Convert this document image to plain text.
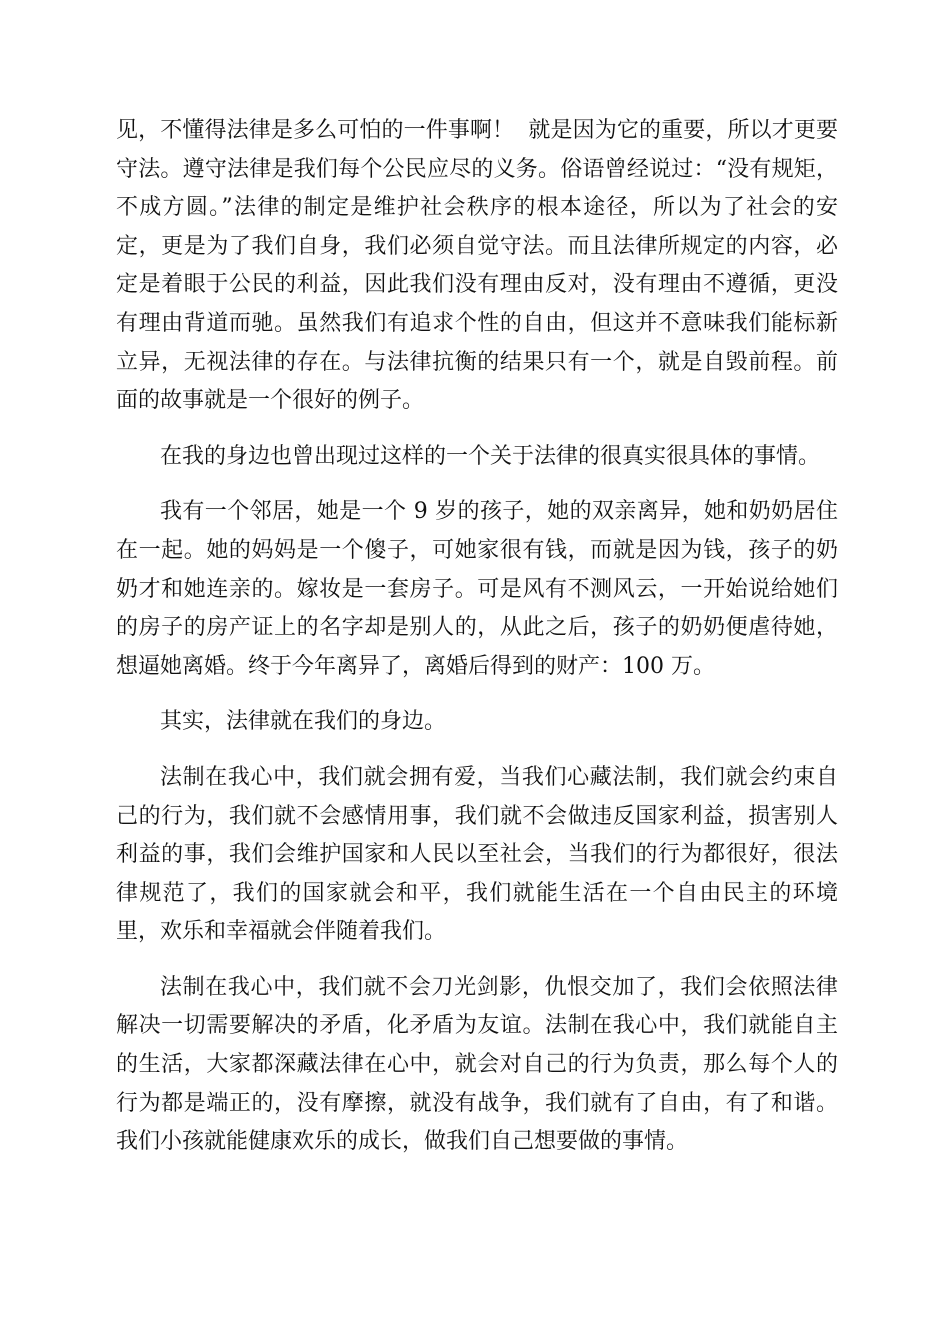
见，不懂得法律是多么可怕的一件事啊！  就是因为它的重要，所以才更要守法。遵守法律是我们每个公民应尽的义务。俗语曾经说过：“没有规矩，不成方圆。”法律的制定是维护社会秩序的根本途径，所以为了社会的安定，更是为了我们自身，我们必须自觉守法。而且法律所规定的内容，必定是着眼于公民的利益，因此我们没有理由反对，没有理由不遵循，更没有理由背道而驰。虽然我们有追求个性的自由，但这并不意味我们能标新立异，无视法律的存在。与法律抗衡的结果只有一个，就是自毁前程。前面的故事就是一个很好的例子。

在我的身边也曾出现过这样的一个关于法律的很真实很具体的事情。

我有一个邻居，她是一个 9 岁的孩子，她的双亲离异，她和奶奶居住在一起。她的妈妈是一个傻子，可她家很有钱，而就是因为钱，孩子的奶奶才和她连亲的。嫁妆是一套房子。可是风有不测风云，一开始说给她们的房子的房产证上的名字却是别人的，从此之后，孩子的奶奶便虐待她，想逼她离婚。终于今年离异了，离婚后得到的财产：100 万。

其实，法律就在我们的身边。

法制在我心中，我们就会拥有爱，当我们心藏法制，我们就会约束自己的行为，我们就不会感情用事，我们就不会做违反国家利益，损害别人利益的事，我们会维护国家和人民以至社会，当我们的行为都很好，很法律规范了，我们的国家就会和平，我们就能生活在一个自由民主的环境里，欢乐和幸福就会伴随着我们。

法制在我心中，我们就不会刀光剑影，仇恨交加了，我们会依照法律解决一切需要解决的矛盾，化矛盾为友谊。法制在我心中，我们就能自主的生活，大家都深藏法律在心中，就会对自己的行为负责，那么每个人的行为都是端正的，没有摩擦，就没有战争，我们就有了自由，有了和谐。我们小孩就能健康欢乐的成长，做我们自己想要做的事情。
